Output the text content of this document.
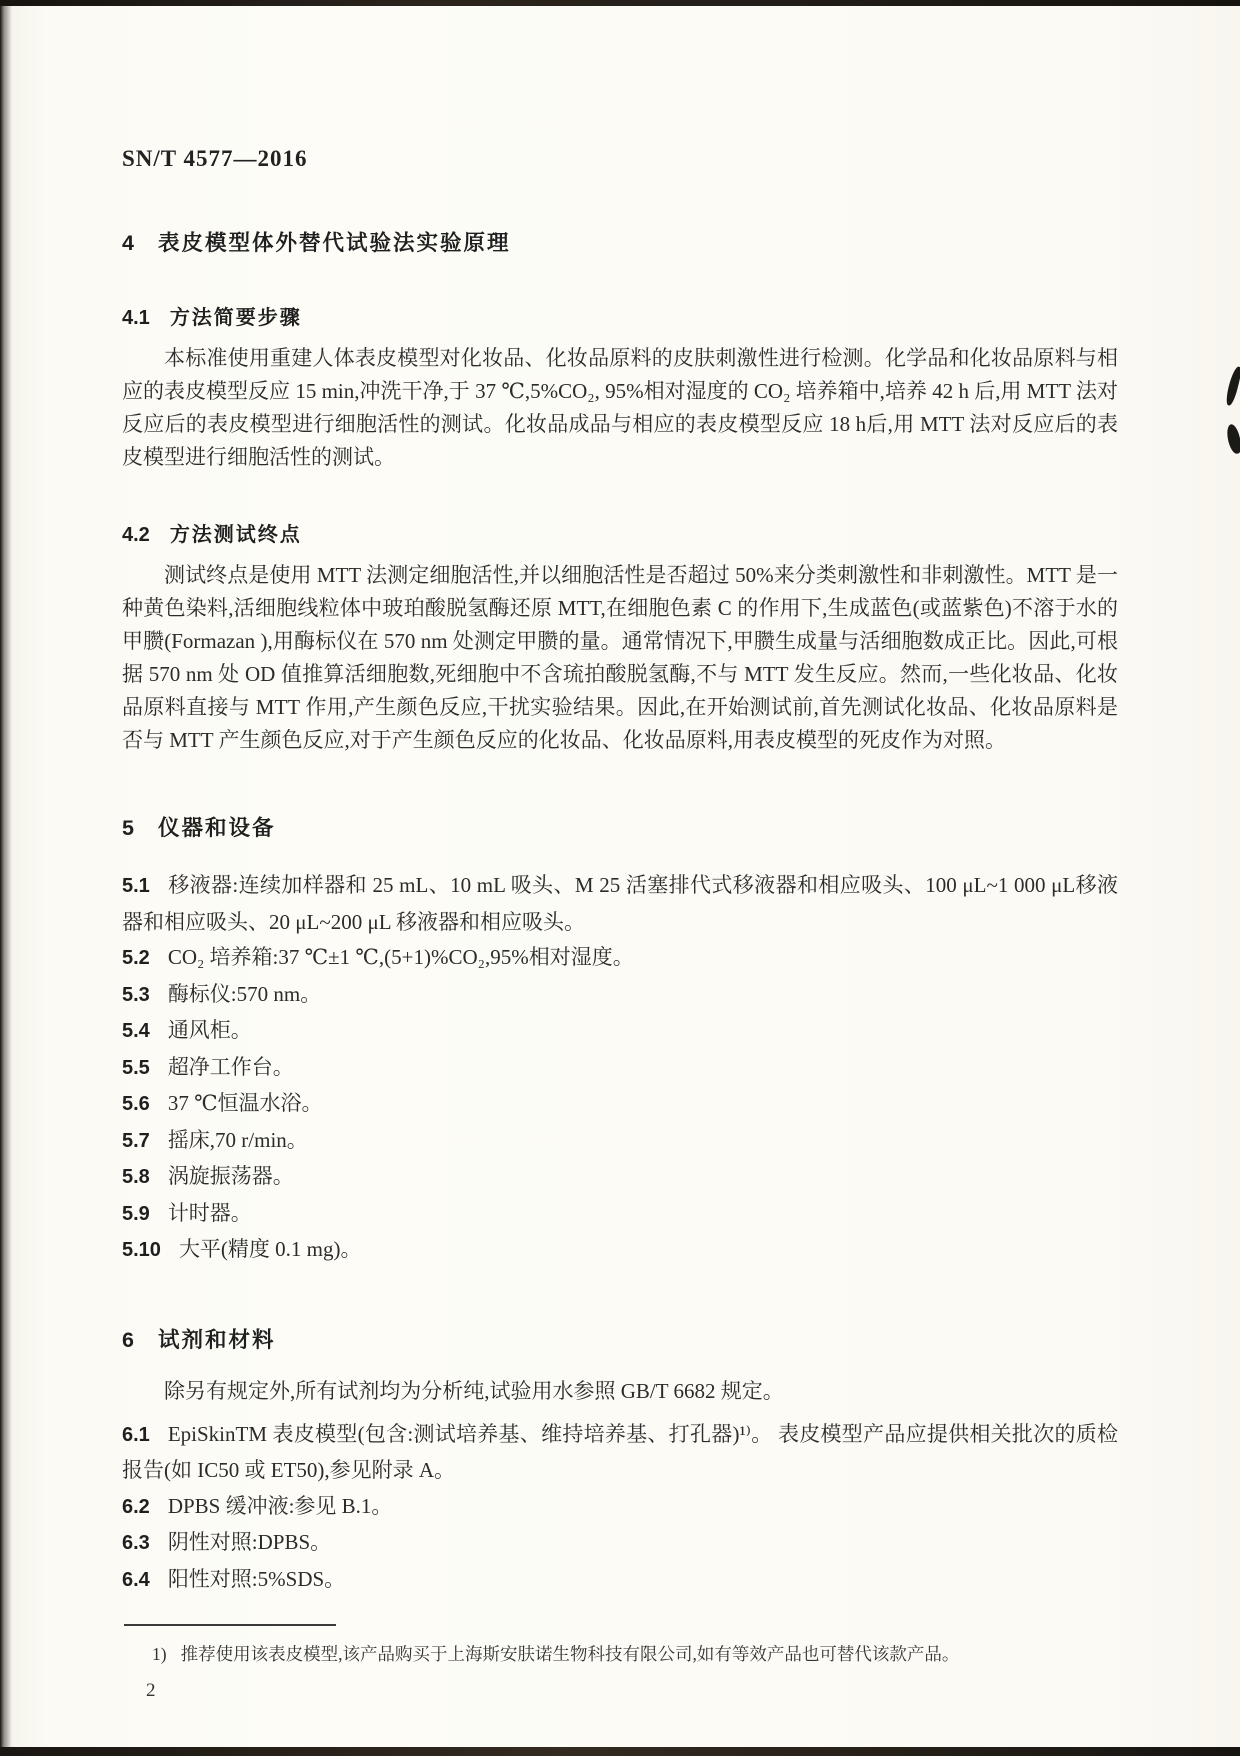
SN/T 4577—2016

4 表皮模型体外替代试验法实验原理
4.1 方法简要步骤

本标准使用重建人体表皮模型对化妆品、化妆品原料的皮肤刺激性进行检测。化学品和化妆品原料与相应的表皮模型反应 15 min,冲洗干净,于 37 ℃,5%CO₂, 95%相对湿度的 CO₂ 培养箱中,培养 42 h 后,用 MTT 法对反应后的表皮模型进行细胞活性的测试。化妆品成品与相应的表皮模型反应 18 h后,用 MTT 法对反应后的表皮模型进行细胞活性的测试。

4.2 方法测试终点

测试终点是使用 MTT 法测定细胞活性,并以细胞活性是否超过 50%来分类刺激性和非刺激性。MTT 是一种黄色染料,活细胞线粒体中玻珀酸脱氢酶还原 MTT,在细胞色素 C 的作用下,生成蓝色(或蓝紫色)不溶于水的甲臜(Formazan ),用酶标仪在 570 nm 处测定甲臜的量。通常情况下,甲臜生成量与活细胞数成正比。因此,可根据 570 nm 处 OD 值推算活细胞数,死细胞中不含琉拍酸脱氢酶,不与 MTT 发生反应。然而,一些化妆品、化妆品原料直接与 MTT 作用,产生颜色反应,干扰实验结果。因此,在开始测试前,首先测试化妆品、化妆品原料是否与 MTT 产生颜色反应,对于产生颜色反应的化妆品、化妆品原料,用表皮模型的死皮作为对照。

5 仪器和设备

5.1 移液器:连续加样器和 25 mL、10 mL 吸头、M 25 活塞排代式移液器和相应吸头、100 μL~1 000 μL移液器和相应吸头、20 μL~200 μL 移液器和相应吸头。

5.2 CO₂ 培养箱:37 ℃±1 ℃,(5+1)%CO₂,95%相对湿度。

5.3 酶标仪:570 nm。

5.4 通风柜。

5.5 超净工作台。

5.6 37 ℃恒温水浴。

5.7 摇床,70 r/min。

5.8 涡旋振荡器。

5.9 计时器。

5.10 大平(精度 0.1 mg)。

6 试剂和材料

除另有规定外,所有试剂均为分析纯,试验用水参照 GB/T 6682 规定。

6.1 EpiSkinTM 表皮模型(包含:测试培养基、维持培养基、打孔器)¹⁾。 表皮模型产品应提供相关批次的质检报告(如 IC50 或 ET50),参见附录 A。

6.2 DPBS 缓冲液:参见 B.1。

6.3 阴性对照:DPBS。

6.4 阳性对照:5%SDS。

1) 推荐使用该表皮模型,该产品购买于上海斯安肤诺生物科技有限公司,如有等效产品也可替代该款产品。

2
